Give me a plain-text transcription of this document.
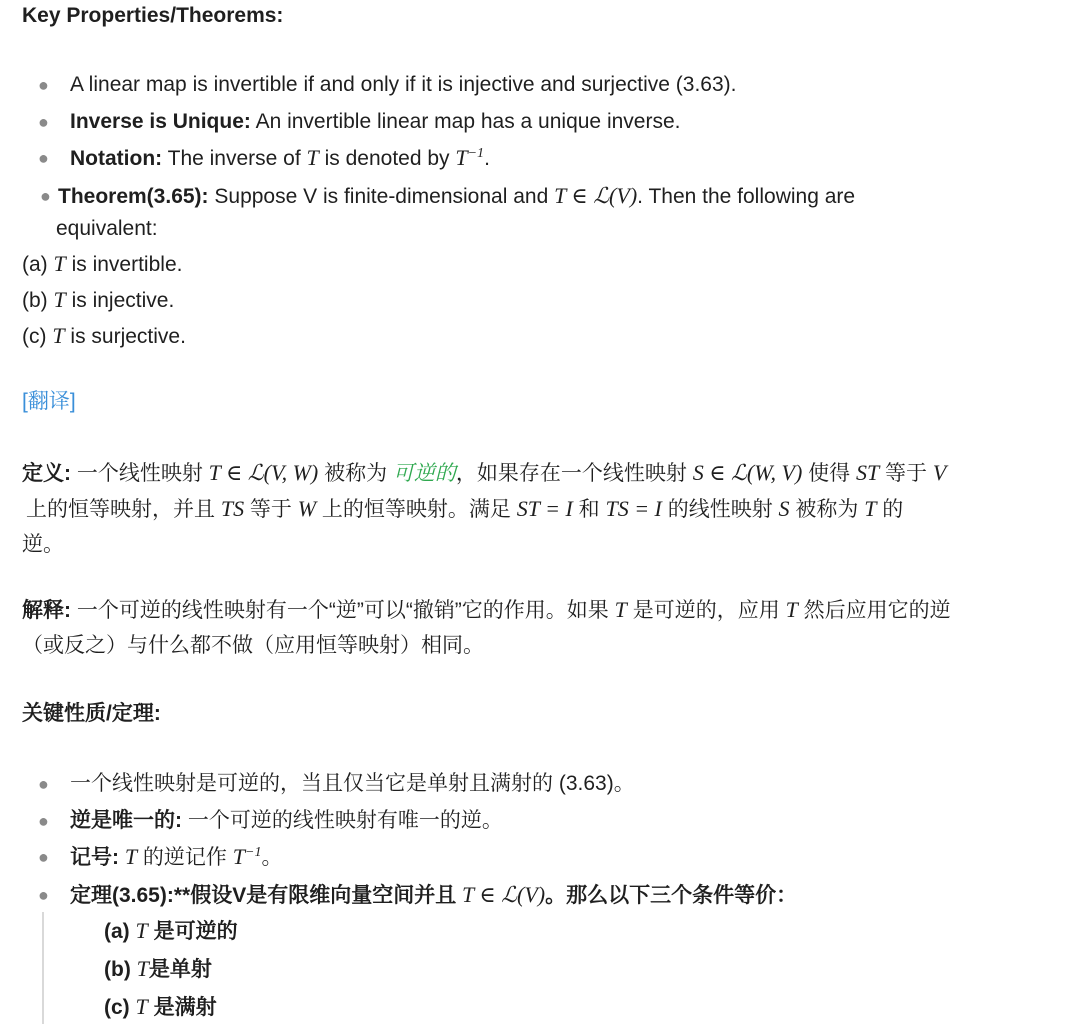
Key Properties/Theorems:
● A linear map is invertible if and only if it is injective and surjective (3.63).
● Inverse is Unique: An invertible linear map has a unique inverse.
● Notation: The inverse of T is denoted by $T^{-1}$.
● Theorem(3.65): Suppose V is finite-dimensional and T ∈ ℒ(V). Then the following are
equivalent:
(a) T is invertible.
(b) T is injective.
(c) T is surjective.
[翻译]
定义: 一个线性映射 T ∈ ℒ(V, W) 被称为 可逆的，如果存在一个线性映射 S ∈ ℒ(W, V) 使得 ST 等于 V
上的恒等映射，并且 TS 等于 W 上的恒等映射。满足 ST = I 和 TS = I 的线性映射 S 被称为 T 的
逆。
解释: 一个可逆的线性映射有一个“逆”可以“撤销”它的作用。如果 T 是可逆的，应用 T 然后应用它的逆
（或反之）与什么都不做（应用恒等映射）相同。
关键性质/定理:
● 一个线性映射是可逆的，当且仅当它是单射且满射的 (3.63)。
● 逆是唯一的: 一个可逆的线性映射有唯一的逆。
● 记号: T 的逆记作 $T^{-1}$。
● 定理(3.65):**假设V是有限维向量空间并且 T ∈ ℒ(V)。那么以下三个条件等价：
(a) T 是可逆的
(b) T是单射
(c) T 是满射
